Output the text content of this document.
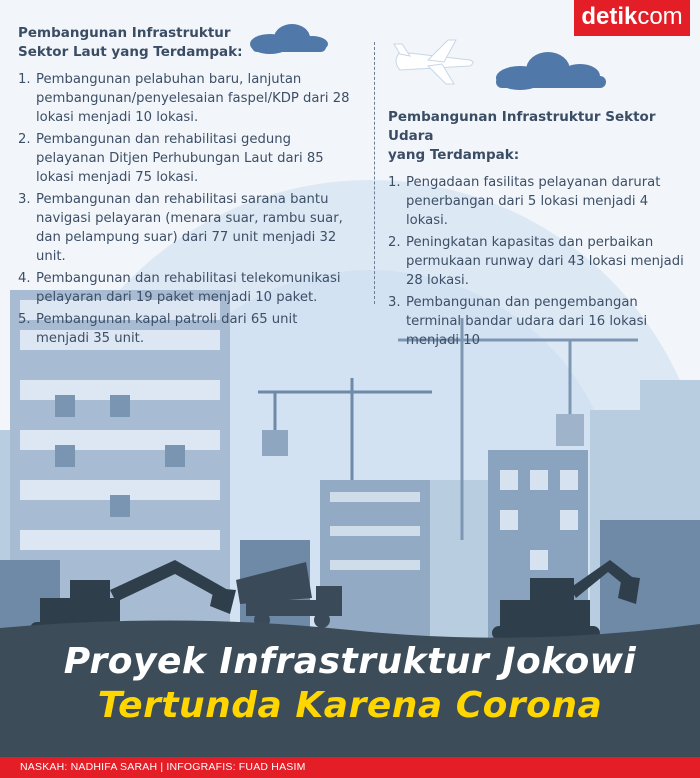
detikcom
Pembangunan Infrastruktur
Sektor Laut yang Terdampak:
1. Pembangunan pelabuhan baru, lanjutan pembangunan/penyelesaian faspel/KDP dari 28 lokasi menjadi 10 lokasi.
2. Pembangunan dan rehabilitasi gedung pelayanan Ditjen Perhubungan Laut dari 85 lokasi menjadi 75 lokasi.
3. Pembangunan dan rehabilitasi sarana bantu navigasi pelayaran (menara suar, rambu suar, dan pelampung suar) dari 77 unit menjadi 32 unit.
4. Pembangunan dan rehabilitasi telekomunikasi pelayaran dari 19 paket menjadi 10 paket.
5. Pembangunan kapal patroli dari 65 unit menjadi 35 unit.
Pembangunan Infrastruktur Sektor Udara
yang Terdampak:
1. Pengadaan fasilitas pelayanan darurat penerbangan dari 5 lokasi menjadi 4 lokasi.
2. Peningkatan kapasitas dan perbaikan permukaan runway dari 43 lokasi menjadi 28 lokasi.
3. Pembangunan dan pengembangan terminal bandar udara dari 16 lokasi menjadi 10
Proyek Infrastruktur Jokowi
Tertunda Karena Corona
NASKAH: NADHIFA SARAH | INFOGRAFIS: FUAD HASIM
